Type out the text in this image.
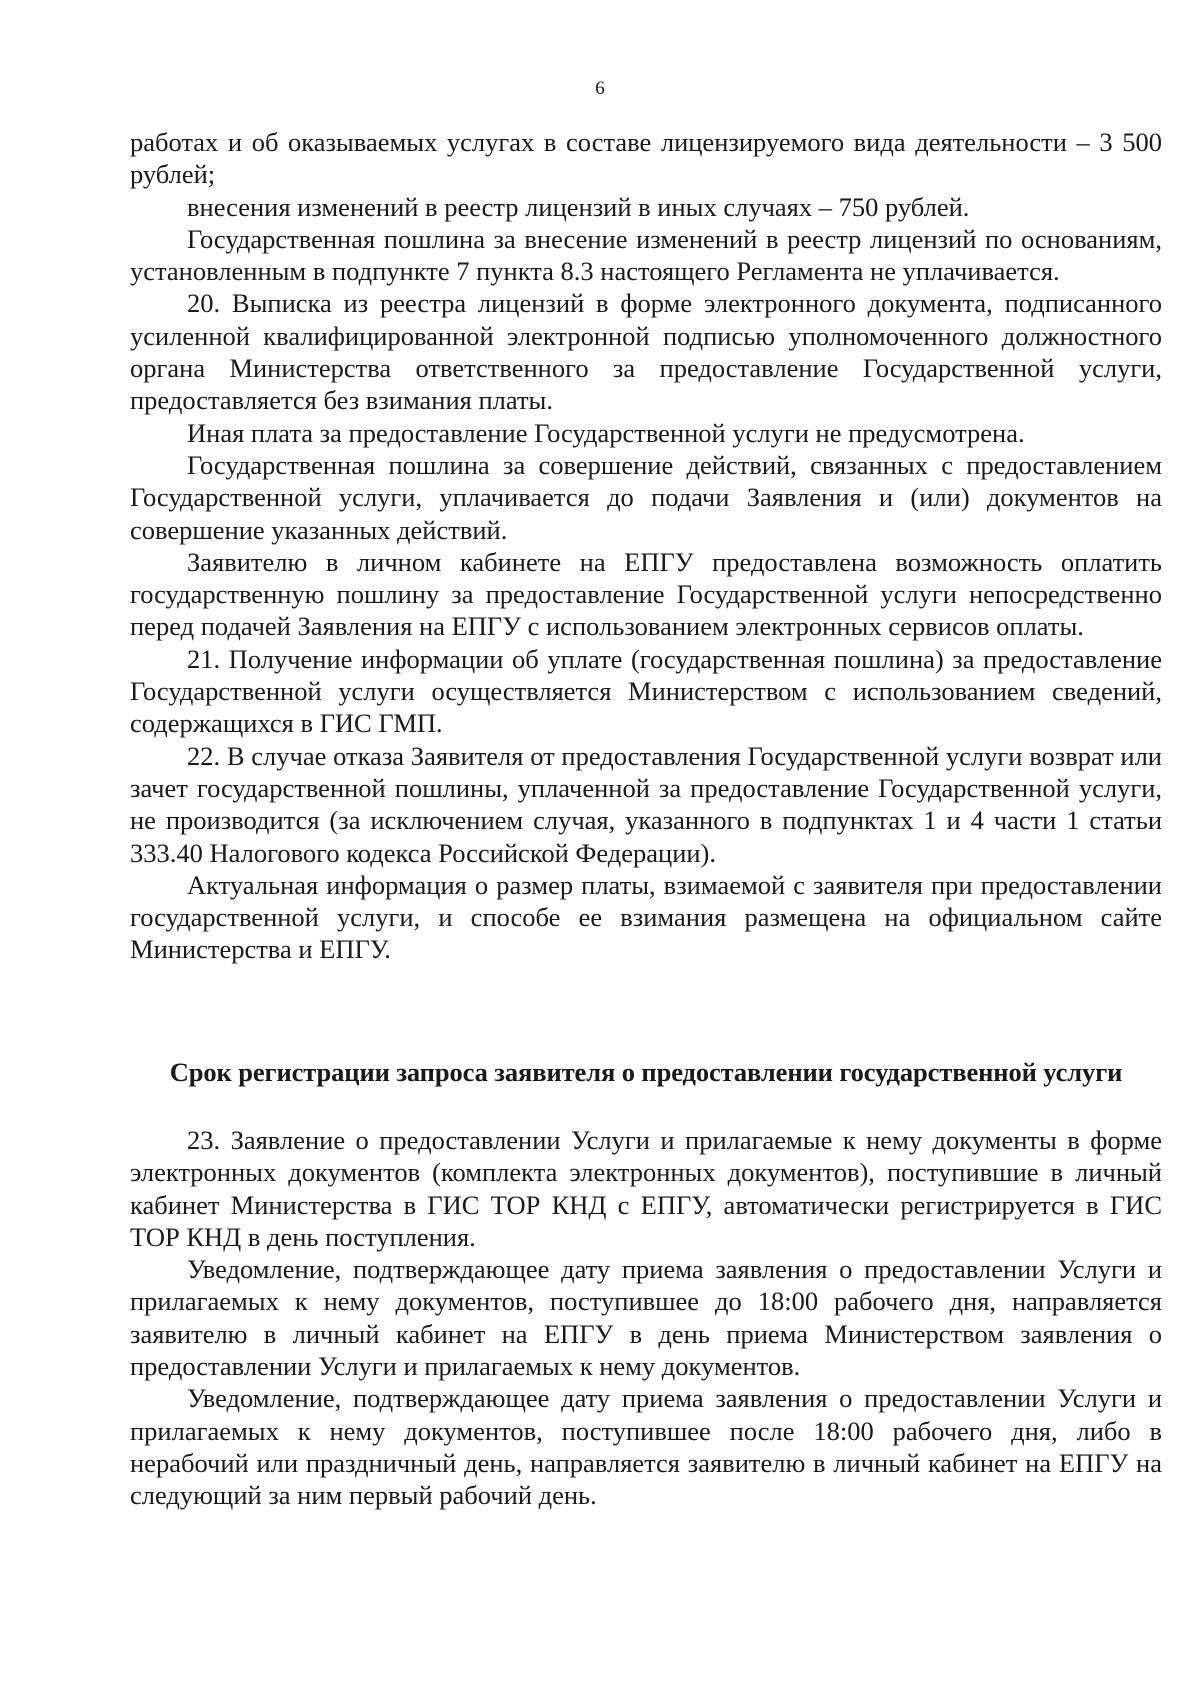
6

работах и об оказываемых услугах в составе лицензируемого вида деятельности – 3 500 рублей;

внесения изменений в реестр лицензий в иных случаях – 750 рублей.

Государственная пошлина за внесение изменений в реестр лицензий по основаниям, установленным в подпункте 7 пункта 8.3 настоящего Регламента не уплачивается.

20. Выписка из реестра лицензий в форме электронного документа, подписанного усиленной квалифицированной электронной подписью уполномоченного должностного органа Министерства ответственного за предоставление Государственной услуги, предоставляется без взимания платы.

Иная плата за предоставление Государственной услуги не предусмотрена.

Государственная пошлина за совершение действий, связанных с предоставлением Государственной услуги, уплачивается до подачи Заявления и (или) документов на совершение указанных действий.

Заявителю в личном кабинете на ЕПГУ предоставлена возможность оплатить государственную пошлину за предоставление Государственной услуги непосредственно перед подачей Заявления на ЕПГУ с использованием электронных сервисов оплаты.

21. Получение информации об уплате (государственная пошлина) за предоставление Государственной услуги осуществляется Министерством с использованием сведений, содержащихся в ГИС ГМП.

22. В случае отказа Заявителя от предоставления Государственной услуги возврат или зачет государственной пошлины, уплаченной за предоставление Государственной услуги, не производится (за исключением случая, указанного в подпунктах 1 и 4 части 1 статьи 333.40 Налогового кодекса Российской Федерации).

Актуальная информация о размер платы, взимаемой с заявителя при предоставлении государственной услуги, и способе ее взимания размещена на официальном сайте Министерства и ЕПГУ.

Срок регистрации запроса заявителя о предоставлении государственной услуги

23. Заявление о предоставлении Услуги и прилагаемые к нему документы в форме электронных документов (комплекта электронных документов), поступившие в личный кабинет Министерства в ГИС ТОР КНД с ЕПГУ, автоматически регистрируется в ГИС ТОР КНД в день поступления.

Уведомление, подтверждающее дату приема заявления о предоставлении Услуги и прилагаемых к нему документов, поступившее до 18:00 рабочего дня, направляется заявителю в личный кабинет на ЕПГУ в день приема Министерством заявления о предоставлении Услуги и прилагаемых к нему документов.

Уведомление, подтверждающее дату приема заявления о предоставлении Услуги и прилагаемых к нему документов, поступившее после 18:00 рабочего дня, либо в нерабочий или праздничный день, направляется заявителю в личный кабинет на ЕПГУ на следующий за ним первый рабочий день.
